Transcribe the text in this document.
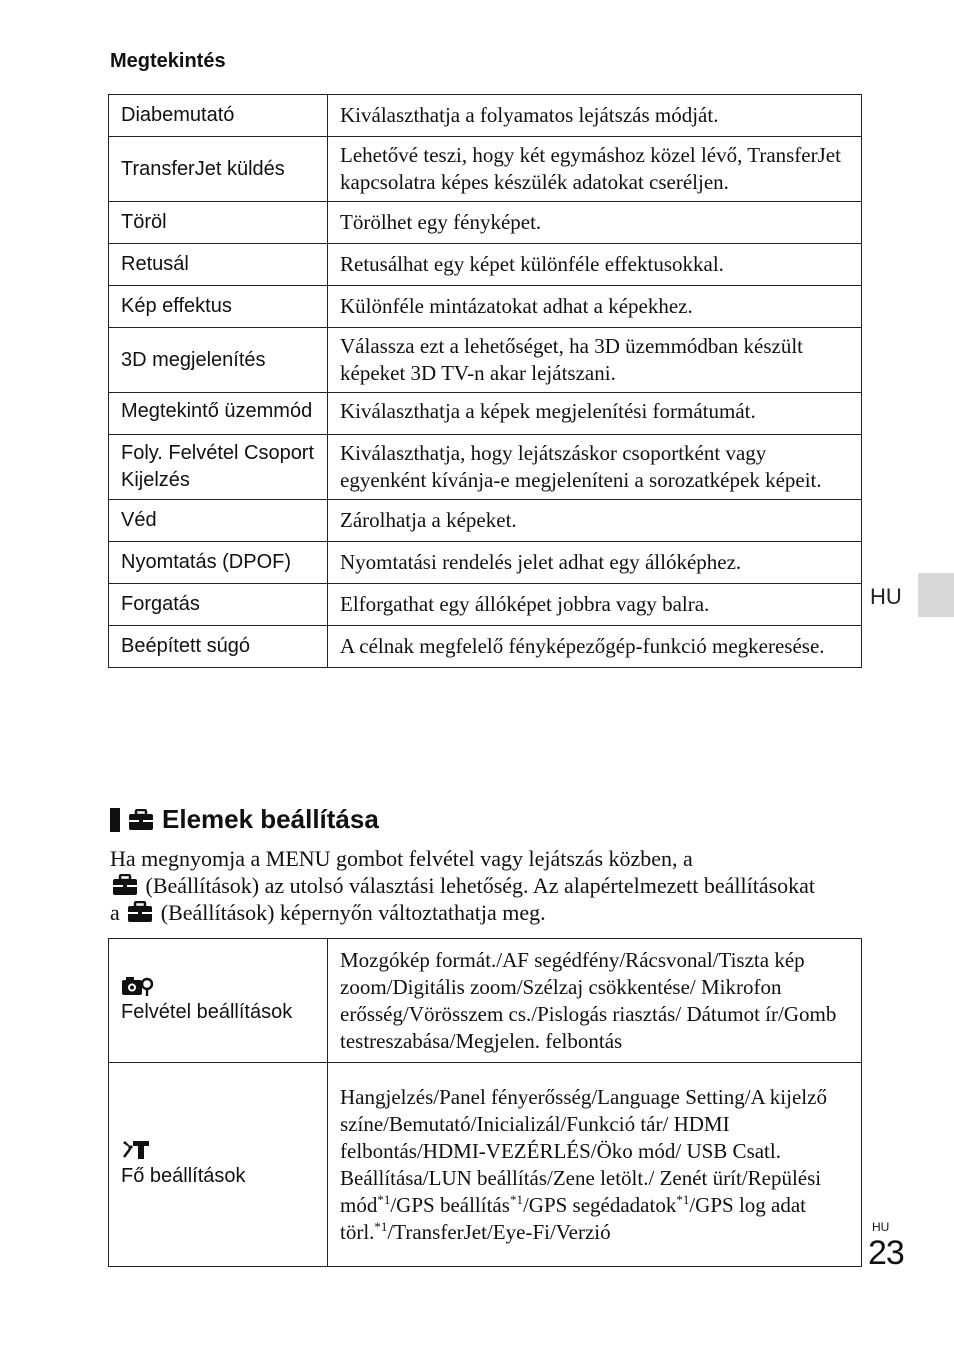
Megtekintés
Diabemutató	Kiválaszthatja a folyamatos lejátszás módját.
TransferJet küldés	Lehetővé teszi, hogy két egymáshoz közel lévő, TransferJet kapcsolatra képes készülék adatokat cseréljen.
Töröl	Törölhet egy fényképet.
Retusál	Retusálhat egy képet különféle effektusokkal.
Kép effektus	Különféle mintázatokat adhat a képekhez.
3D megjelenítés	Válassza ezt a lehetőséget, ha 3D üzemmódban készült képeket 3D TV-n akar lejátszani.
Megtekintő üzemmód	Kiválaszthatja a képek megjelenítési formátumát.
Foly. Felvétel Csoport Kijelzés	Kiválaszthatja, hogy lejátszáskor csoportként vagy egyenként kívánja-e megjeleníteni a sorozatképek képeit.
Véd	Zárolhatja a képeket.
Nyomtatás (DPOF)	Nyomtatási rendelés jelet adhat egy állóképhez.
Forgatás	Elforgathat egy állóképet jobbra vagy balra.
Beépített súgó	A célnak megfelelő fényképezőgép-funkció megkeresése.
HU
Elemek beállítása
Ha megnyomja a MENU gombot felvétel vagy lejátszás közben, a
(Beállítások) az utolsó választási lehetőség. Az alapértelmezett beállításokat a (Beállítások) képernyőn változtathatja meg.
Felvétel beállítások	Mozgókép formát./AF segédfény/Rácsvonal/Tiszta kép zoom/Digitális zoom/Szélzaj csökkentése/ Mikrofon erősség/Vörösszem cs./Pislogás riasztás/ Dátumot ír/Gomb testreszabása/Megjelen. felbontás

Fő beállítások	Hangjelzés/Panel fényerősség/Language Setting/A kijelző színe/Bemutató/Inicializál/Funkció tár/ HDMI felbontás/HDMI-VEZÉRLÉS/Öko mód/ USB Csatl. Beállítása/LUN beállítás/Zene letölt./ Zenét ürít/Repülési mód$^{*1}$/GPS beállítás$^{*1}$/GPS segédadatok$^{*1}$/GPS log adat törl.$^{*1}$/TransferJet/Eye-Fi/Verzió	HU
23
